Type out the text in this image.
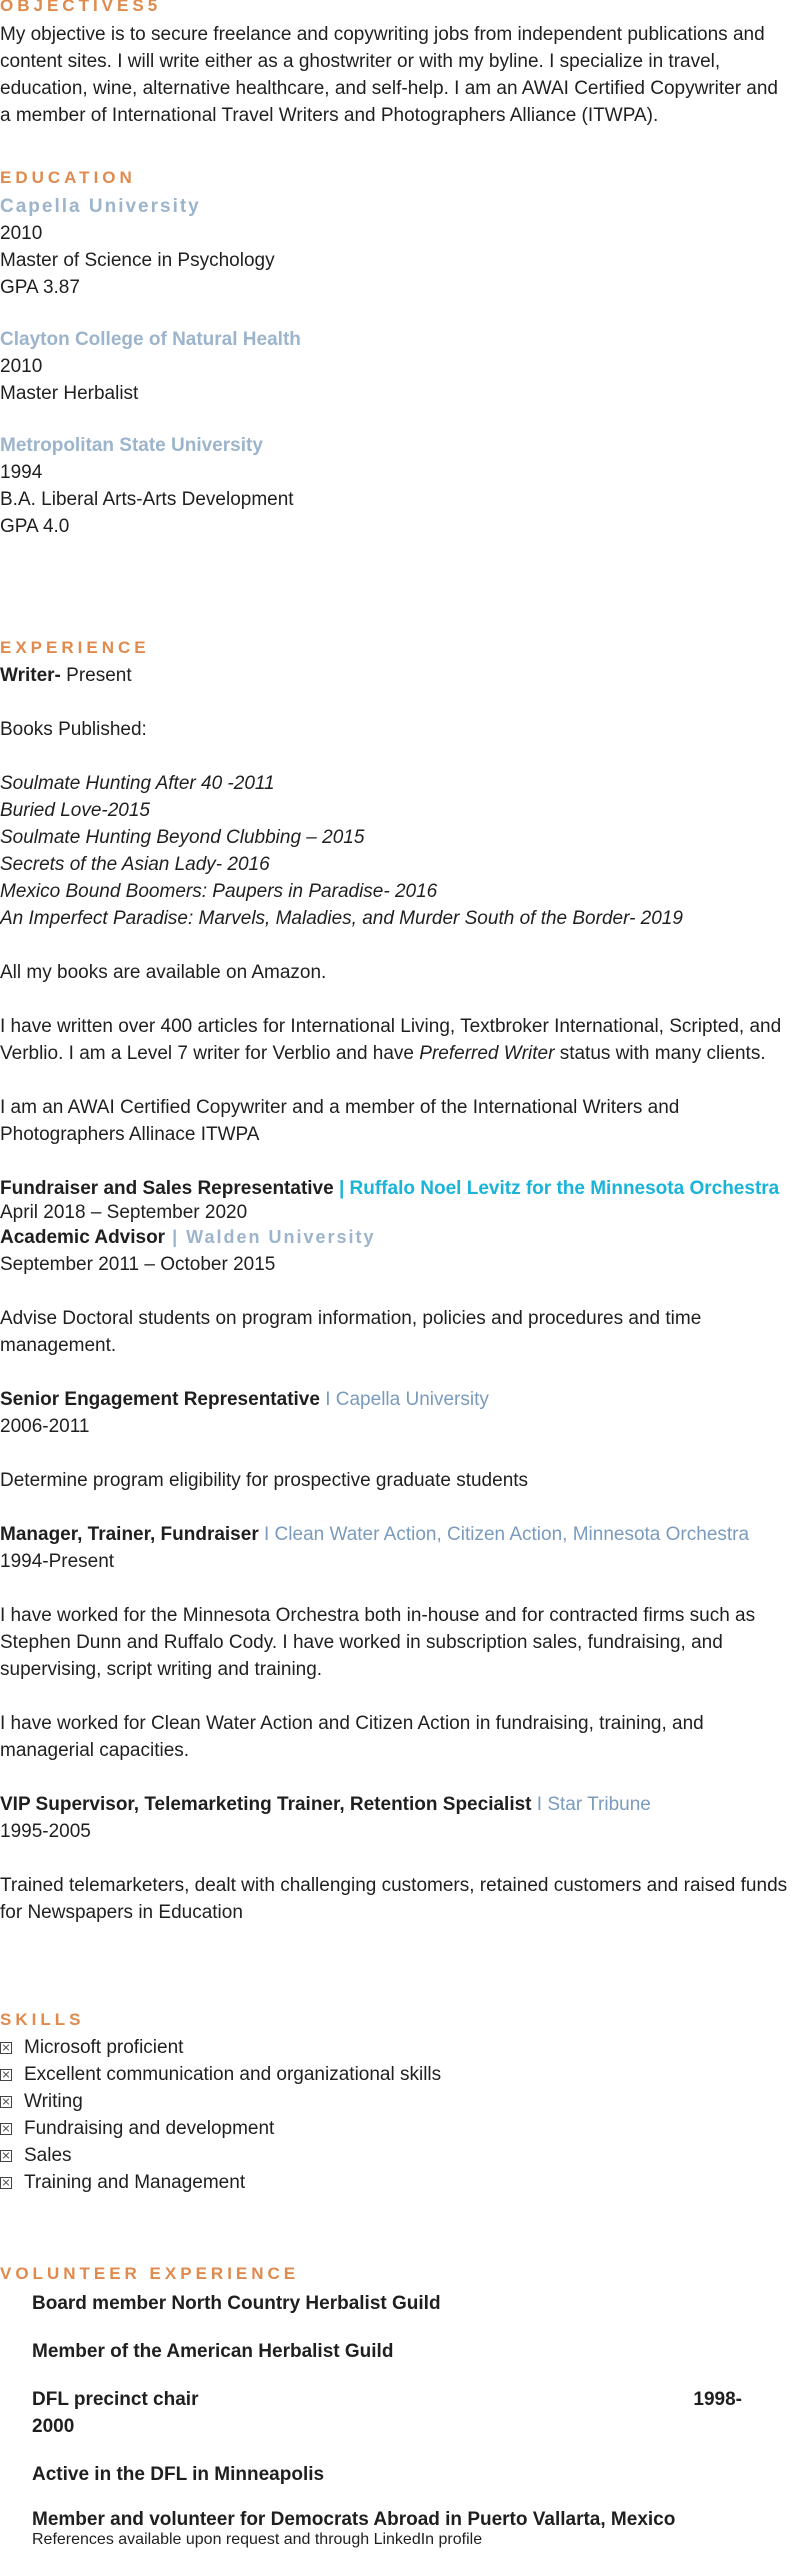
OBJECTIVES5

My objective is to secure freelance and copywriting jobs from independent publications and content sites. I will write either as a ghostwriter or with my byline. I specialize in travel, education, wine, alternative healthcare, and self-help. I am an AWAI Certified Copywriter and a member of International Travel Writers and Photographers Alliance (ITWPA).

EDUCATION

Capella University

2010

Master of Science in Psychology

GPA 3.87

Clayton College of Natural Health

2010

Master Herbalist

Metropolitan State University

1994

B.A. Liberal Arts-Arts Development

GPA 4.0

EXPERIENCE

Writer- Present

Books Published:

Soulmate Hunting After 40 -2011

Buried Love-2015

Soulmate Hunting Beyond Clubbing – 2015

Secrets of the Asian Lady- 2016

Mexico Bound Boomers: Paupers in Paradise- 2016

An Imperfect Paradise: Marvels, Maladies, and Murder South of the Border- 2019

All my books are available on Amazon.

I have written over 400 articles for International Living, Textbroker International, Scripted, and Verblio. I am a Level 7 writer for Verblio and have Preferred Writer status with many clients.

I am an AWAI Certified Copywriter and a member of the International Writers and Photographers Allinace ITWPA

Fundraiser and Sales Representative | Ruffalo Noel Levitz for the Minnesota Orchestra

April 2018 – September 2020

Academic Advisor | Walden University

September 2011 – October 2015

Advise Doctoral students on program information, policies and procedures and time management.

Senior Engagement Representative I Capella University

2006-2011

Determine program eligibility for prospective graduate students

Manager, Trainer, Fundraiser I Clean Water Action, Citizen Action, Minnesota Orchestra

1994-Present

I have worked for the Minnesota Orchestra both in-house and for contracted firms such as Stephen Dunn and Ruffalo Cody. I have worked in subscription sales, fundraising, and supervising, script writing and training.

I have worked for Clean Water Action and Citizen Action in fundraising, training, and managerial capacities.

VIP Supervisor, Telemarketing Trainer, Retention Specialist I Star Tribune

1995-2005

Trained telemarketers, dealt with challenging customers, retained customers and raised funds for Newspapers in Education

SKILLS

Microsoft proficient
Excellent communication and organizational skills
Writing
Fundraising and development
Sales
Training and Management

VOLUNTEER EXPERIENCE

Board member North Country Herbalist Guild

Member of the American Herbalist Guild

DFL precinct chair	1998-

2000

Active in the DFL in Minneapolis

Member and volunteer for Democrats Abroad in Puerto Vallarta, Mexico

References available upon request and through LinkedIn profile
